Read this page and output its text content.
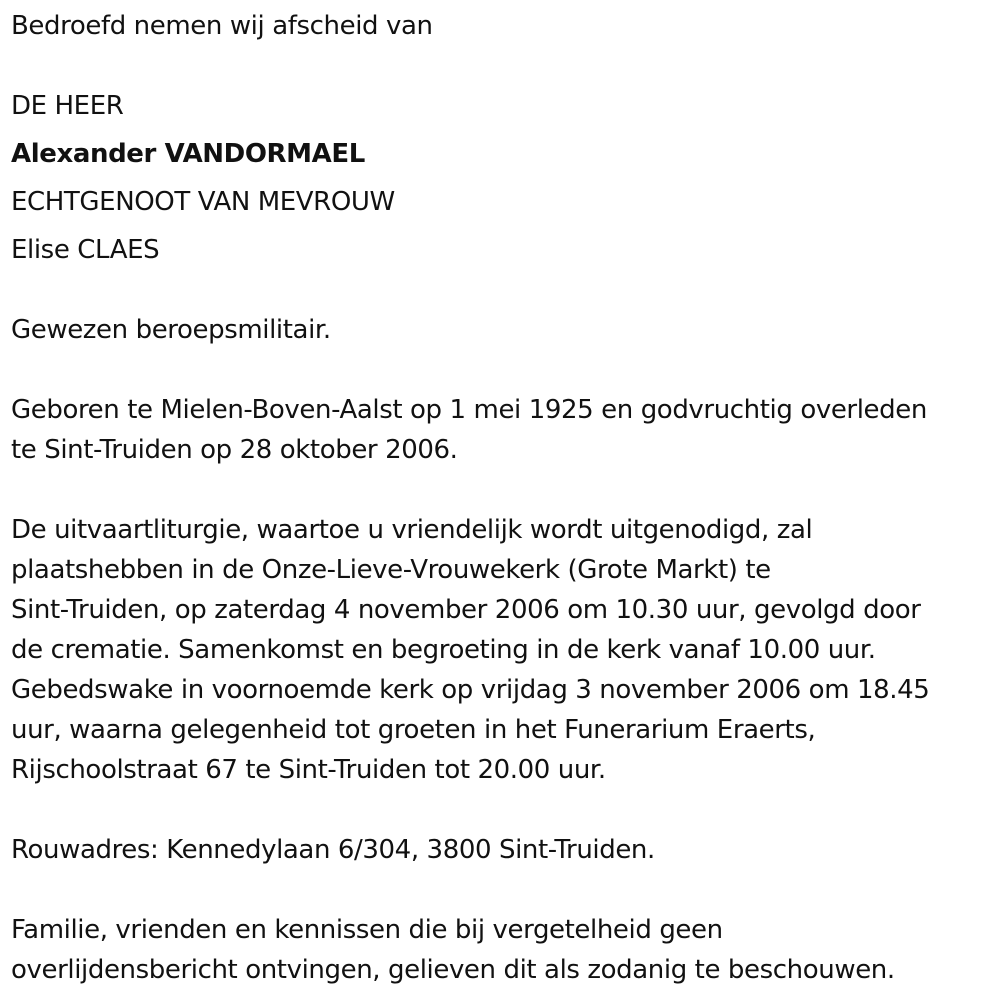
Bedroefd nemen wij afscheid van
DE HEER
Alexander VANDORMAEL
ECHTGENOOT VAN MEVROUW
Elise CLAES
Gewezen beroepsmilitair.
Geboren te Mielen-Boven-Aalst op 1 mei 1925 en godvruchtig overleden
te Sint-Truiden op 28 oktober 2006.
De uitvaartliturgie, waartoe u vriendelijk wordt uitgenodigd, zal
plaatshebben in de Onze-Lieve-Vrouwekerk (Grote Markt) te
Sint-Truiden, op zaterdag 4 november 2006 om 10.30 uur, gevolgd door
de crematie. Samenkomst en begroeting in de kerk vanaf 10.00 uur.
Gebedswake in voornoemde kerk op vrijdag 3 november 2006 om 18.45
uur, waarna gelegenheid tot groeten in het Funerarium Eraerts,
Rijschoolstraat 67 te Sint-Truiden tot 20.00 uur.
Rouwadres: Kennedylaan 6/304, 3800 Sint-Truiden.
Familie, vrienden en kennissen die bij vergetelheid geen
overlijdensbericht ontvingen, gelieven dit als zodanig te beschouwen.
